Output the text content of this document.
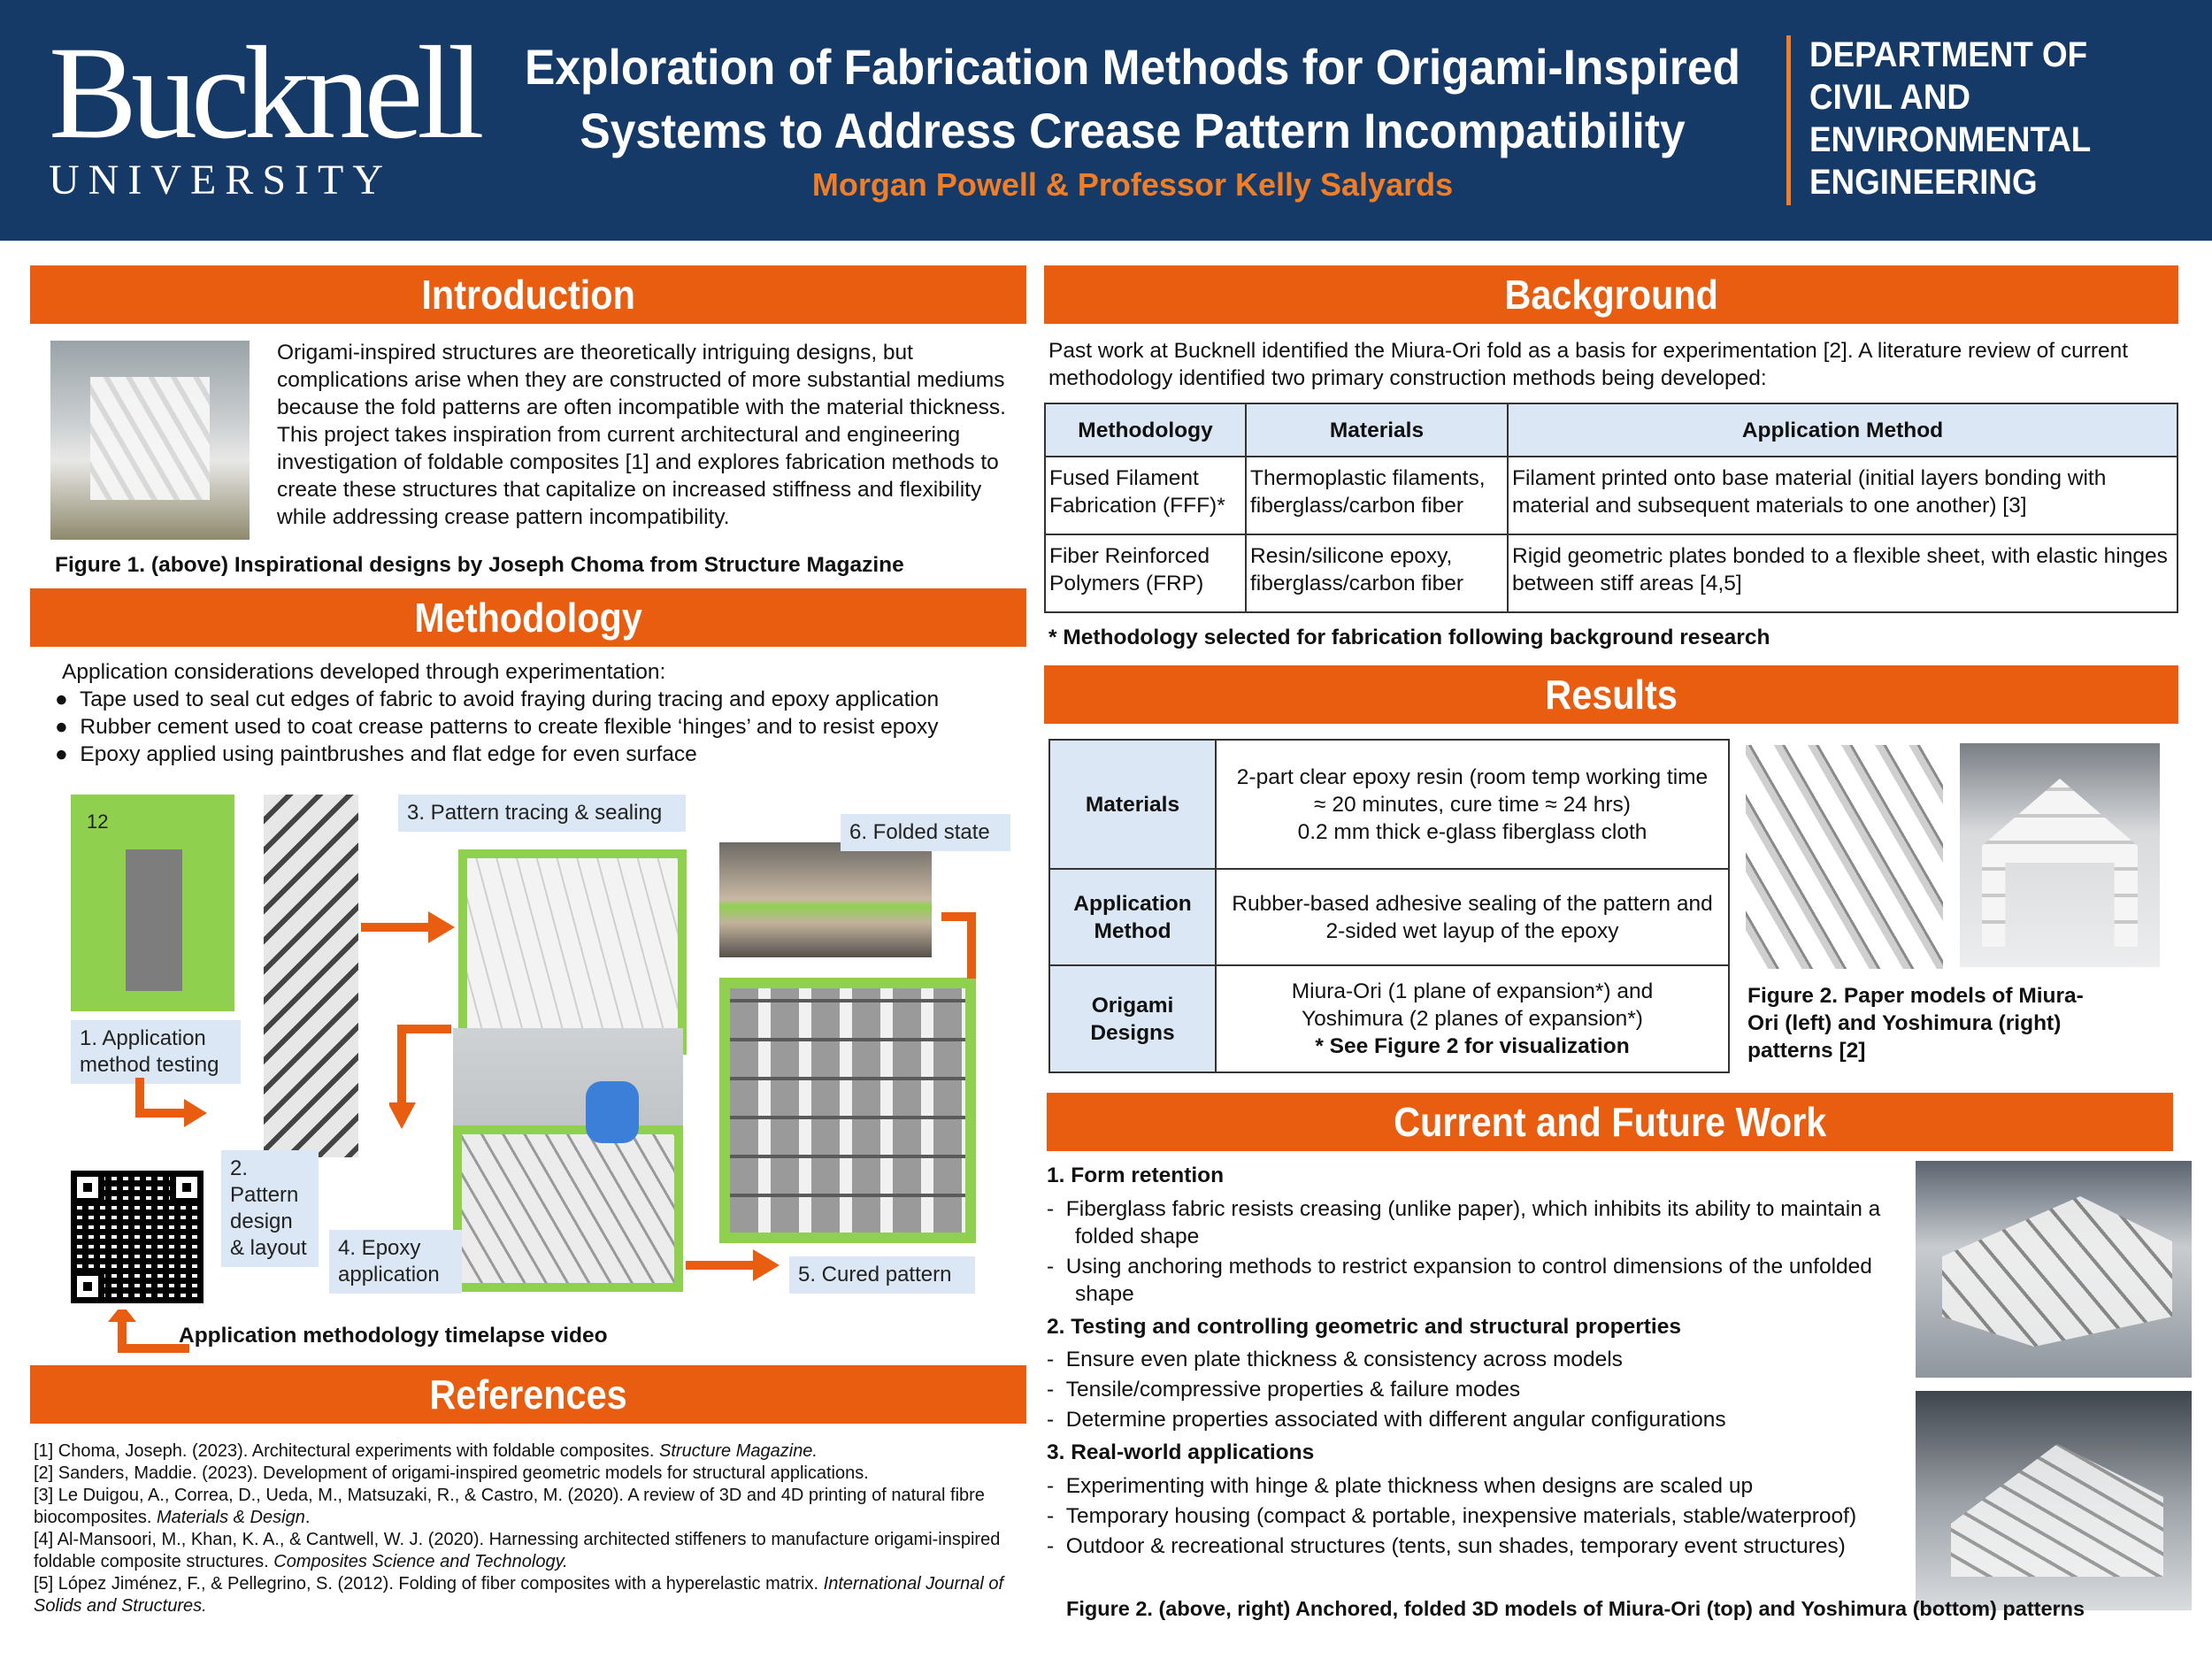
Bucknell
UNIVERSITY
Exploration of Fabrication Methods for Origami-Inspired
Systems to Address Crease Pattern Incompatibility
Morgan Powell & Professor Kelly Salyards
DEPARTMENT OF
CIVIL AND
ENVIRONMENTAL
ENGINEERING
Introduction
Origami-inspired structures are theoretically intriguing designs, but complications arise when they are constructed of more substantial mediums because the fold patterns are often incompatible with the material thickness. This project takes inspiration from current architectural and engineering investigation of foldable composites [1] and explores fabrication methods to create these structures that capitalize on increased stiffness and flexibility while addressing crease pattern incompatibility.
Figure 1. (above) Inspirational designs by Joseph Choma from Structure Magazine
Methodology
Application considerations developed through experimentation:
●  Tape used to seal cut edges of fabric to avoid fraying during tracing and epoxy application
●  Rubber cement used to coat crease patterns to create flexible ‘hinges’ and to resist epoxy
●  Epoxy applied using paintbrushes and flat edge for even surface
12
1. Application method testing
2. Pattern design & layout
3. Pattern tracing & sealing
4. Epoxy application
6. Folded state
5. Cured pattern
Application methodology timelapse video
References
[1] Choma, Joseph. (2023). Architectural experiments with foldable composites. Structure Magazine.
[2] Sanders, Maddie. (2023). Development of origami-inspired geometric models for structural applications.
[3] Le Duigou, A., Correa, D., Ueda, M., Matsuzaki, R., & Castro, M. (2020). A review of 3D and 4D printing of natural fibre biocomposites. Materials & Design.
[4] Al-Mansoori, M., Khan, K. A., & Cantwell, W. J. (2020). Harnessing architected stiffeners to manufacture origami-inspired foldable composite structures. Composites Science and Technology.
[5] López Jiménez, F., & Pellegrino, S. (2012). Folding of fiber composites with a hyperelastic matrix. International Journal of Solids and Structures.
Background
Past work at Bucknell identified the Miura-Ori fold as a basis for experimentation [2]. A literature review of current methodology identified two primary construction methods being developed:
Methodology	Materials	Application Method
Fused Filament Fabrication (FFF)*	Thermoplastic filaments, fiberglass/carbon fiber	Filament printed onto base material (initial layers bonding with material and subsequent materials to one another) [3]
Fiber Reinforced Polymers (FRP)	Resin/silicone epoxy, fiberglass/carbon fiber	Rigid geometric plates bonded to a flexible sheet, with elastic hinges between stiff areas [4,5]
* Methodology selected for fabrication following background research
Results
Materials	2-part clear epoxy resin (room temp working time
≈ 20 minutes, cure time ≈ 24 hrs)
0.2 mm thick e-glass fiberglass cloth

Application Method	Rubber-based adhesive sealing of the pattern and
2-sided wet layup of the epoxy

Origami Designs	Miura-Ori (1 plane of expansion*) and
Yoshimura (2 planes of expansion*)
* See Figure 2 for visualization
Figure 2. Paper models of Miura-Ori (left) and Yoshimura (right) patterns [2]
Current and Future Work
1. Form retention
-  Fiberglass fabric resists creasing (unlike paper), which inhibits its ability to maintain a folded shape
-  Using anchoring methods to restrict expansion to control dimensions of the unfolded shape
2. Testing and controlling geometric and structural properties
-  Ensure even plate thickness & consistency across models
-  Tensile/compressive properties & failure modes
-  Determine properties associated with different angular configurations
3. Real-world applications
-  Experimenting with hinge & plate thickness when designs are scaled up
-  Temporary housing (compact & portable, inexpensive materials, stable/waterproof)
-  Outdoor & recreational structures (tents, sun shades, temporary event structures)
Figure 2. (above, right) Anchored, folded 3D models of Miura-Ori (top) and Yoshimura (bottom) patterns
